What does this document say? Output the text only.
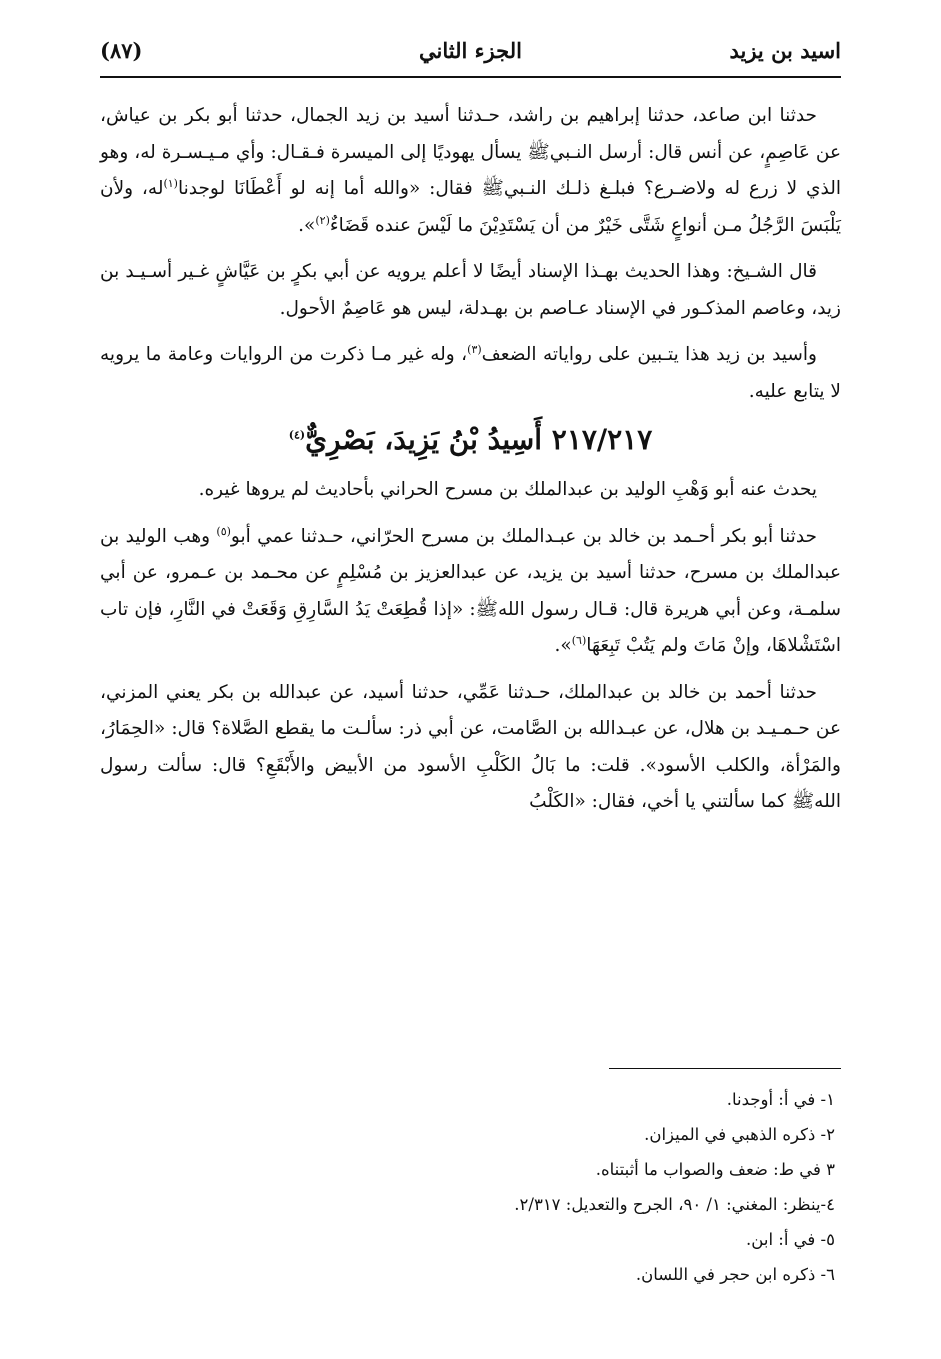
اسيد بن يزيد
الجزء الثاني
(٨٧)

حدثنا ابن صاعد، حدثنا إبراهيم بن راشد، حـدثنا أسيد بن زيد الجمال، حدثنا أبو بكر بن عياش، عن عَاصِمٍ، عن أنس قال: أرسل النـبيﷺ يسأل يهوديًا إلى الميسرة فـقـال: وأي مـيـسـرة له، وهو الذي لا زرع له ولاضـرع؟ فبلـغ ذلـك النـبيﷺ فقال: «والله أما إنه لو أَعْطَانَا لوجدنا$^{(١)}$له، ولأن يَلْبَسَ الرَّجُلُ مـن أنواعٍ شَتَّى خَيْرٌ من أن يَسْتَدِيْنَ ما لَيْسَ عنده قَضَاءٌ$^{(٢)}$».

قال الشـيخ: وهذا الحديث بهـذا الإسناد أيضًا لا أعلم يرويه عن أبي بكرٍ بن عَيَّاشٍ غـير أسـيـد بن زيد، وعاصم المذكـور في الإسناد عـاصم بن بهـدلة، ليس هو عَاصِمٌ الأحول.

وأسيد بن زيد هذا يتـبين على رواياته الضعف$^{(٣)}$، وله غير مـا ذكرت من الروايات وعامة ما يرويه لا يتابع عليه.

٢١٧/٢١٧ أَسِيدُ بْنُ يَزِيدَ، بَصْرِيٌّ$^{(٤)}$

يحدث عنه أبو وَهْبِ الوليد بن عبدالملك بن مسرح الحراني بأحاديث لم يروها غيره.

حدثنا أبو بكر أحـمد بن خالد بن عبـدالملك بن مسرح الحرّاني، حـدثنا عمي أبو$^{(٥)}$ وهب الوليد بن عبدالملك بن مسرح، حدثنا أسيد بن يزيد، عن عبدالعزيز بن مُسْلِمٍ عن محـمد بن عـمرو، عن أبي سلمـة، وعن أبي هريرة قال: قـال رسول اللهﷺ: «إذا قُطِعَتْ يَدُ السَّارِقِ وَقَعَتْ في النَّارِ، فإن تاب اسْتَشْلاهَا، وإنْ مَاتَ ولم يَتُبْ تَبِعَهَا$^{(٦)}$».

حدثنا أحمد بن خالد بن عبدالملك، حـدثنا عَمِّي، حدثنا أسيد، عن عبدالله بن بكر يعني المزني، عن حـمـيـد بن هلال، عن عبـدالله بن الصَّامت، عن أبي ذر: سألـت ما يقطع الصَّلاة؟ قال: «الحِمَارُ، والمَرْأة، والكلب الأسود». قلت: ما بَالُ الكَلْبِ الأسود من الأبيض والأَبْقَعِ؟ قال: سألت رسول اللهﷺ كما سألتني يا أخي، فقال: «الكَلْبُ

١- في أ: أوجدنا.

٢- ذكره الذهبي في الميزان.

٣ في ط: ضعف والصواب ما أثبتناه.

٤-ينظر: المغني: ١/ ٩٠، الجرح والتعديل: ٢/٣١٧.

٥- في أ: ابن.

٦- ذكره ابن حجر في اللسان.
